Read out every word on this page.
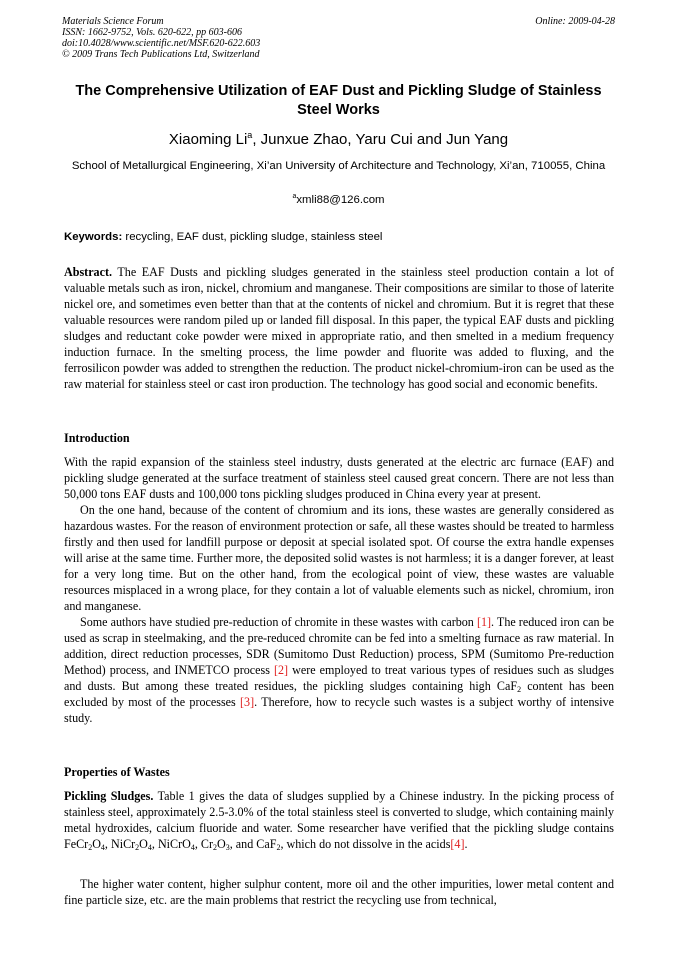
Materials Science Forum
ISSN: 1662-9752, Vols. 620-622, pp 603-606
doi:10.4028/www.scientific.net/MSF.620-622.603
© 2009 Trans Tech Publications Ltd, Switzerland
Online: 2009-04-28
The Comprehensive Utilization of EAF Dust and Pickling Sludge of Stainless Steel Works
Xiaoming Li$^a$, Junxue Zhao, Yaru Cui and Jun Yang
School of Metallurgical Engineering, Xi’an University of Architecture and Technology, Xi’an, 710055, China
$^a$xmli88@126.com
Keywords: recycling, EAF dust, pickling sludge, stainless steel

Abstract. The EAF Dusts and pickling sludges generated in the stainless steel production contain a lot of valuable metals such as iron, nickel, chromium and manganese. Their compositions are similar to those of laterite nickel ore, and sometimes even better than that at the contents of nickel and chromium. But it is regret that these valuable resources were random piled up or landed fill disposal. In this paper, the typical EAF dusts and pickling sludges and reductant coke powder were mixed in appropriate ratio, and then smelted in a medium frequency induction furnace. In the smelting process, the lime powder and fluorite was added to fluxing, and the ferrosilicon powder was added to strengthen the reduction. The product nickel-chromium-iron can be used as the raw material for stainless steel or cast iron production. The technology has good social and economic benefits.

Introduction

With the rapid expansion of the stainless steel industry, dusts generated at the electric arc furnace (EAF) and pickling sludge generated at the surface treatment of stainless steel caused great concern. There are not less than 50,000 tons EAF dusts and 100,000 tons pickling sludges produced in China every year at present.

On the one hand, because of the content of chromium and its ions, these wastes are generally considered as hazardous wastes. For the reason of environment protection or safe, all these wastes should be treated to harmless firstly and then used for landfill purpose or deposit at special isolated spot. Of course the extra handle expenses will arise at the same time. Further more, the deposited solid wastes is not harmless; it is a danger forever, at least for a very long time. But on the other hand, from the ecological point of view, these wastes are valuable resources misplaced in a wrong place, for they contain a lot of valuable elements such as nickel, chromium, iron and manganese.

Some authors have studied pre-reduction of chromite in these wastes with carbon [1]. The reduced iron can be used as scrap in steelmaking, and the pre-reduced chromite can be fed into a smelting furnace as raw material. In addition, direct reduction processes, SDR (Sumitomo Dust Reduction) process, SPM (Sumitomo Pre-reduction Method) process, and INMETCO process [2] were employed to treat various types of residues such as sludges and dusts. But among these treated residues, the pickling sludges containing high CaF$_2$ content has been excluded by most of the processes [3]. Therefore, how to recycle such wastes is a subject worthy of intensive study.

Properties of Wastes

Pickling Sludges. Table 1 gives the data of sludges supplied by a Chinese industry. In the picking process of stainless steel, approximately 2.5-3.0% of the total stainless steel is converted to sludge, which containing mainly metal hydroxides, calcium fluoride and water. Some researcher have verified that the pickling sludge contains $FeCr_2O_4$, $NiCr_2O_4$, NiCrO$_4$, $Cr_2O_3$, and CaF$_2$, which do not dissolve in the acids[4].

The higher water content, higher sulphur content, more oil and the other impurities, lower metal content and fine particle size, etc. are the main problems that restrict the recycling use from technical,
